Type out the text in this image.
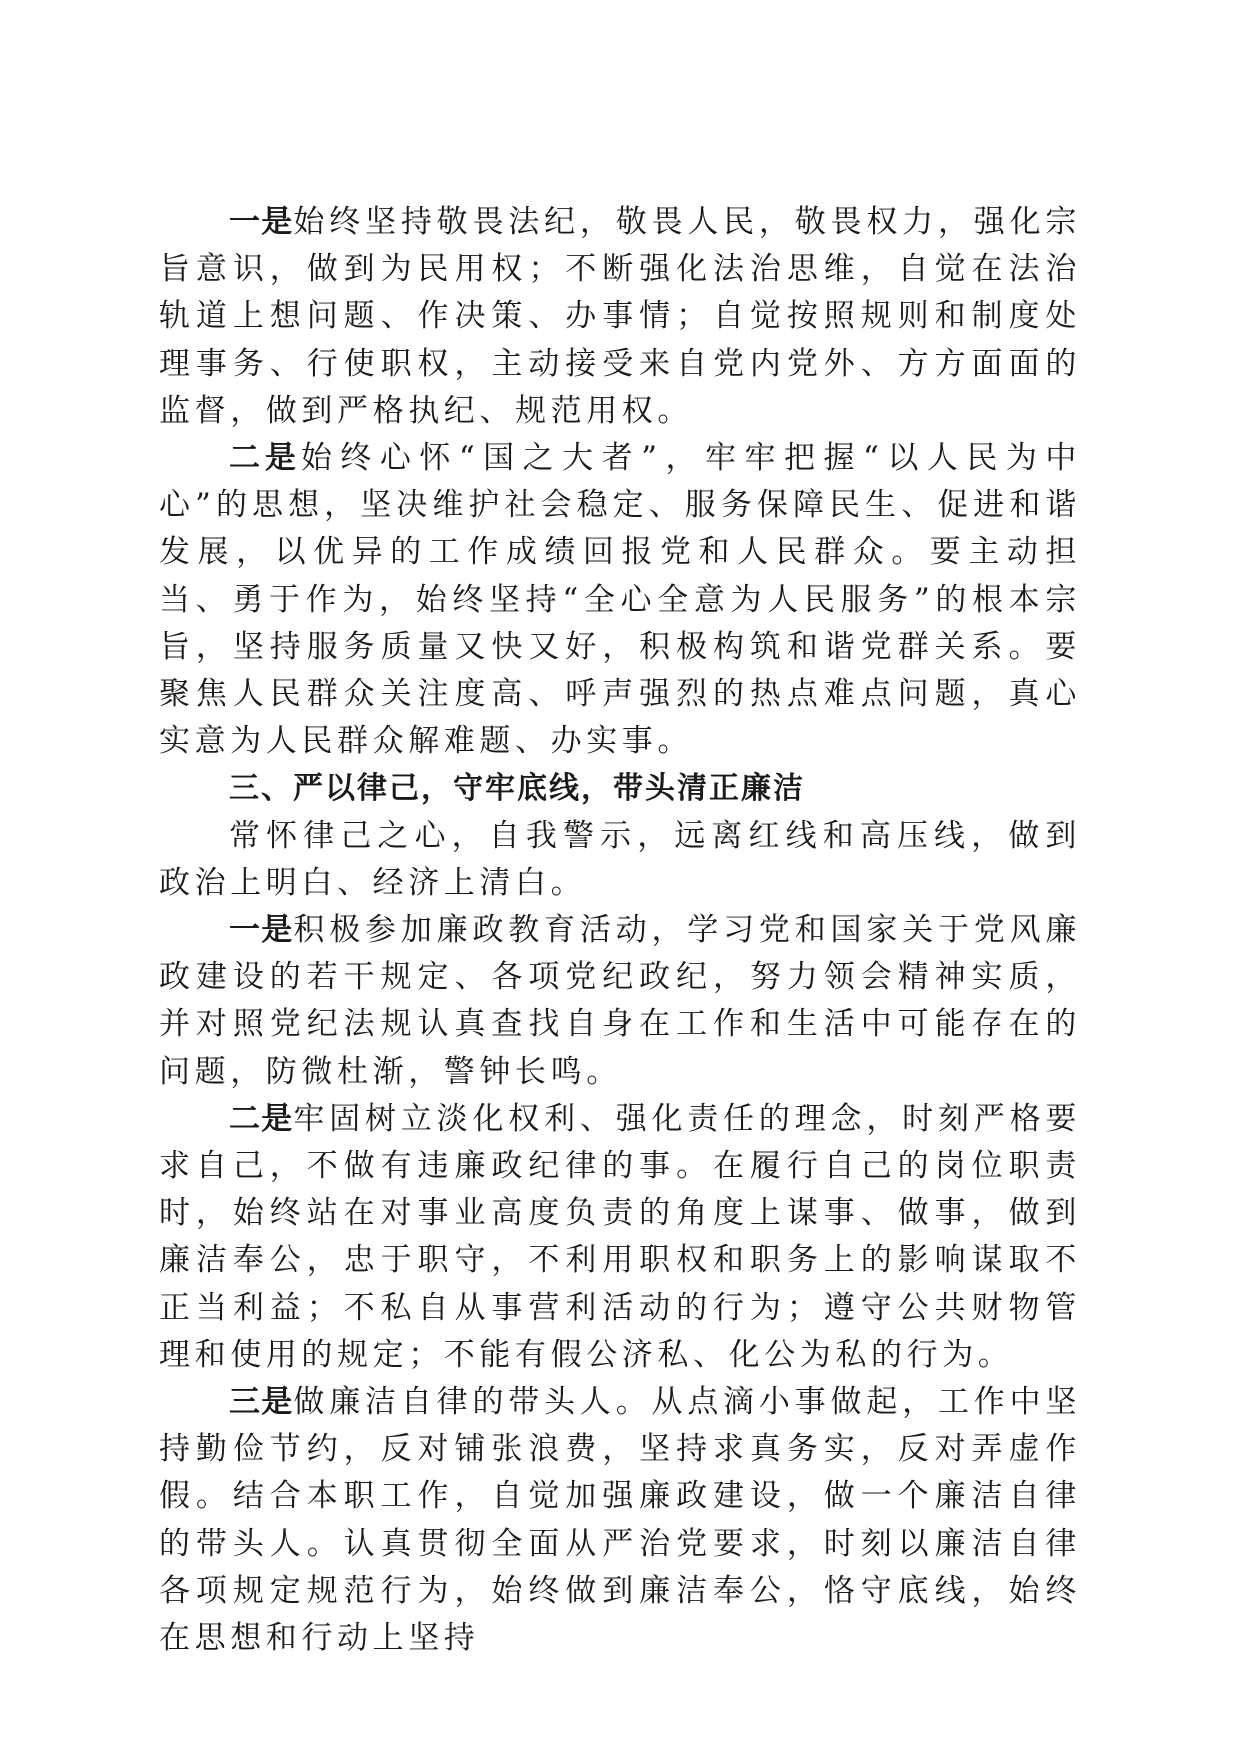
一是始终坚持敬畏法纪，敬畏人民，敬畏权力，强化宗旨意识，做到为民用权；不断强化法治思维，自觉在法治轨道上想问题、作决策、办事情；自觉按照规则和制度处理事务、行使职权，主动接受来自党内党外、方方面面的监督，做到严格执纪、规范用权。

二是始终心怀“国之大者”，牢牢把握“以人民为中心”的思想，坚决维护社会稳定、服务保障民生、促进和谐发展，以优异的工作成绩回报党和人民群众。要主动担当、勇于作为，始终坚持“全心全意为人民服务”的根本宗旨，坚持服务质量又快又好，积极构筑和谐党群关系。要聚焦人民群众关注度高、呼声强烈的热点难点问题，真心实意为人民群众解难题、办实事。

三、严以律己，守牢底线，带头清正廉洁

常怀律己之心，自我警示，远离红线和高压线，做到政治上明白、经济上清白。

一是积极参加廉政教育活动，学习党和国家关于党风廉政建设的若干规定、各项党纪政纪，努力领会精神实质，并对照党纪法规认真查找自身在工作和生活中可能存在的问题，防微杜渐，警钟长鸣。

二是牢固树立淡化权利、强化责任的理念，时刻严格要求自己，不做有违廉政纪律的事。在履行自己的岗位职责时，始终站在对事业高度负责的角度上谋事、做事，做到廉洁奉公，忠于职守，不利用职权和职务上的影响谋取不正当利益；不私自从事营利活动的行为；遵守公共财物管理和使用的规定；不能有假公济私、化公为私的行为。

三是做廉洁自律的带头人。从点滴小事做起，工作中坚持勤俭节约，反对铺张浪费，坚持求真务实，反对弄虚作假。结合本职工作，自觉加强廉政建设，做一个廉洁自律的带头人。认真贯彻全面从严治党要求，时刻以廉洁自律各项规定规范行为，始终做到廉洁奉公，恪守底线，始终在思想和行动上坚持
